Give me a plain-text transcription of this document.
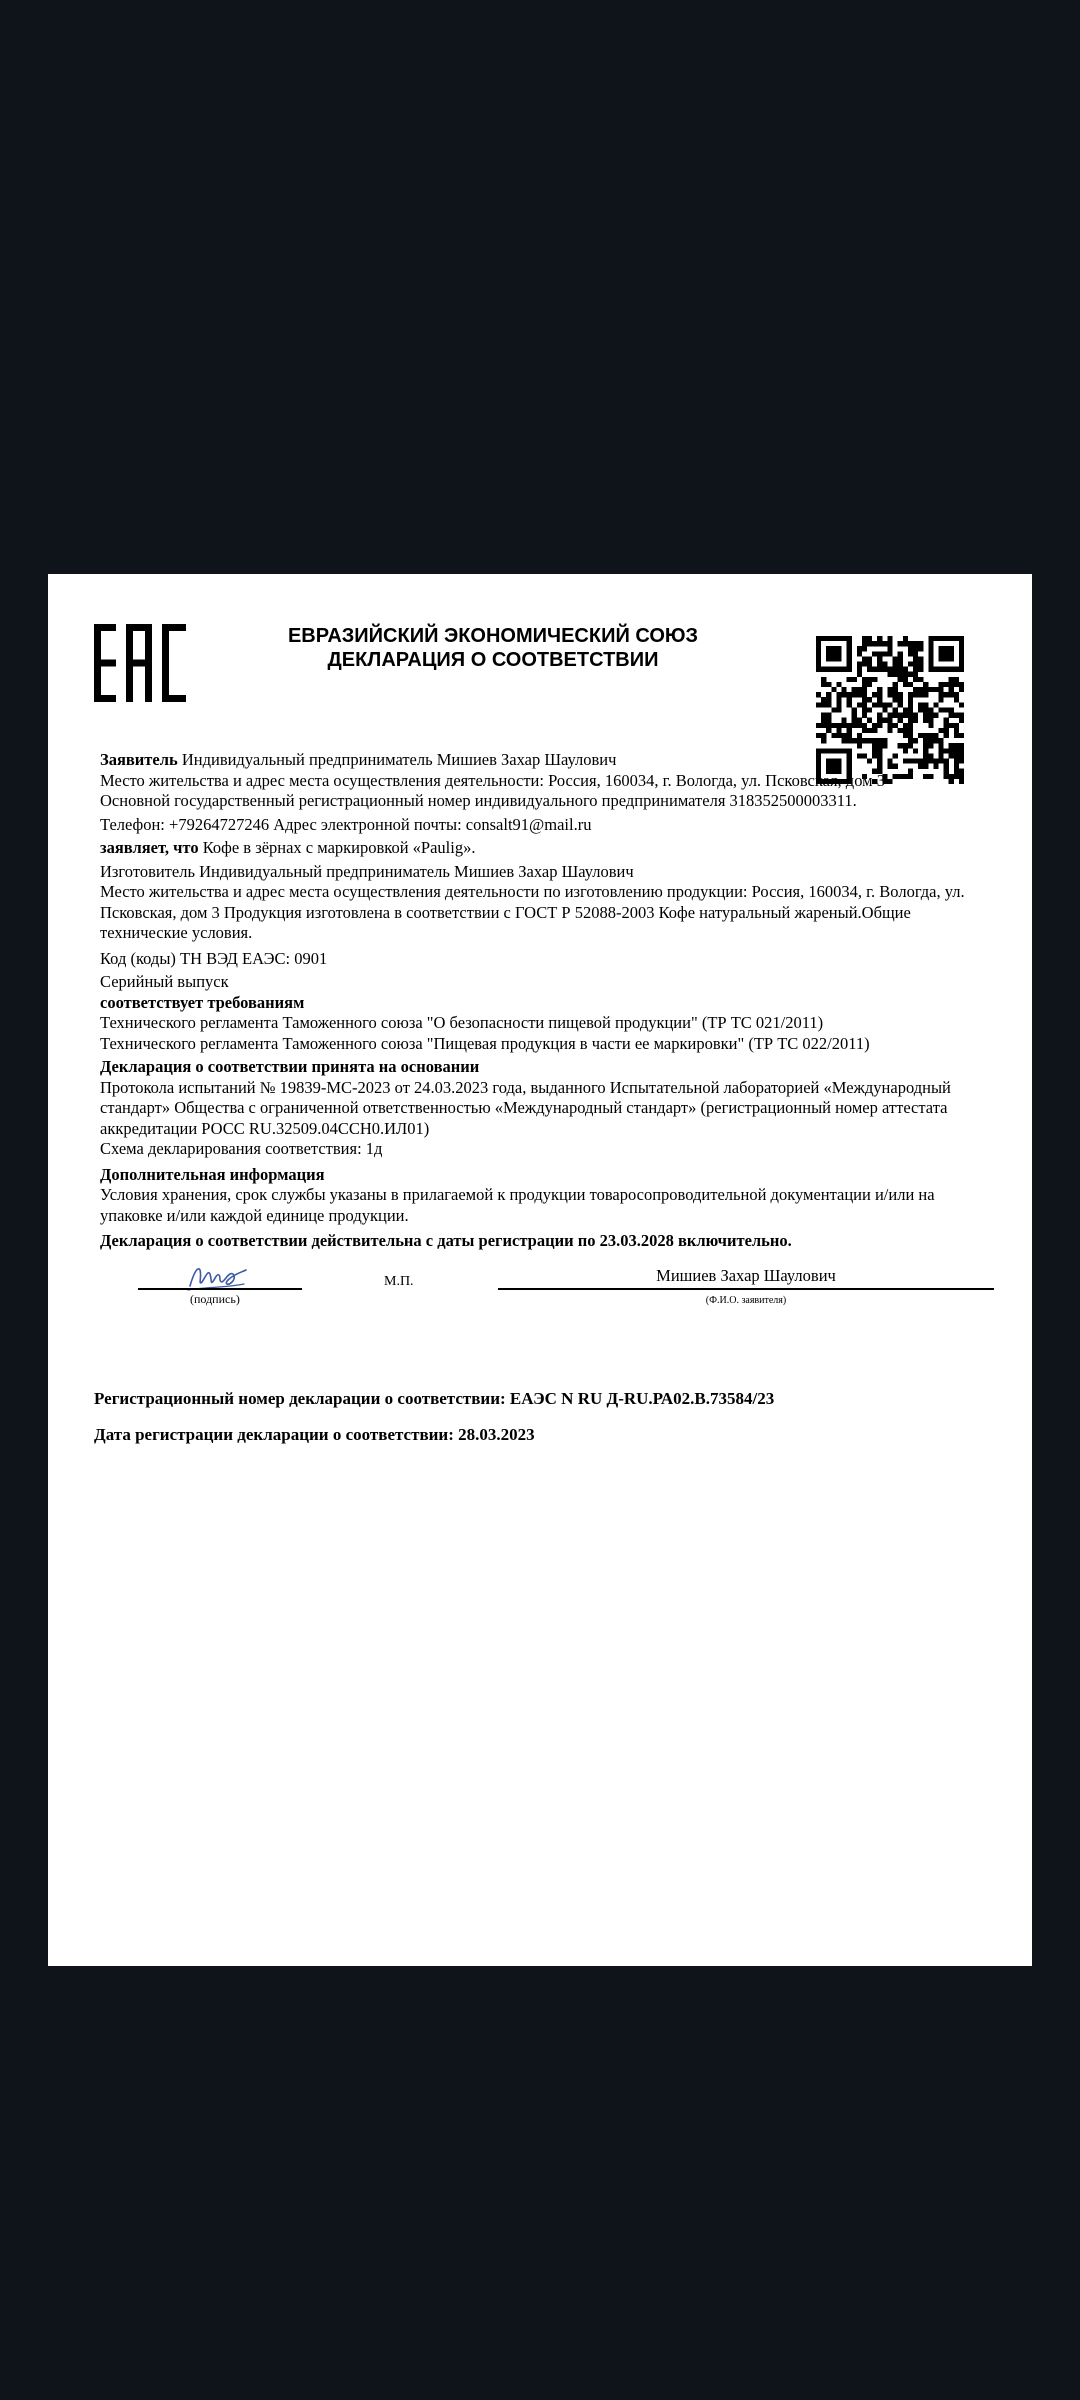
ЕВРАЗИЙСКИЙ ЭКОНОМИЧЕСКИЙ СОЮЗ
ДЕКЛАРАЦИЯ О СООТВЕТСТВИИ

Заявитель Индивидуальный предприниматель Мишиев Захар Шаулович

Место жительства и адрес места осуществления деятельности: Россия, 160034, г. Вологда, ул. Псковская, дом 3

Основной государственный регистрационный номер индивидуального предпринимателя 318352500003311.

Телефон: +79264727246 Адрес электронной почты: consalt91@mail.ru

заявляет, что Кофе в зёрнах с маркировкой «Paulig».

Изготовитель Индивидуальный предприниматель Мишиев Захар Шаулович

Место жительства и адрес места осуществления деятельности по изготовлению продукции: Россия, 160034, г. Вологда, ул. Псковская, дом 3 Продукция изготовлена в соответствии с ГОСТ Р 52088-2003 Кофе натуральный жареный.Общие технические условия.

Код (коды) ТН ВЭД ЕАЭС: 0901

Серийный выпуск

соответствует требованиям

Технического регламента Таможенного союза "О безопасности пищевой продукции" (ТР ТС 021/2011)

Технического регламента Таможенного союза "Пищевая продукция в части ее маркировки" (ТР ТС 022/2011)

Декларация о соответствии принята на основании

Протокола испытаний № 19839-МС-2023 от 24.03.2023 года, выданного Испытательной лабораторией «Международный стандарт» Общества с ограниченной ответственностью «Международный стандарт» (регистрационный номер аттестата аккредитации РОСС RU.32509.04ССН0.ИЛ01)

Схема декларирования соответствия: 1д

Дополнительная информация

Условия хранения, срок службы указаны в прилагаемой к продукции товаросопроводительной документации и/или на упаковке и/или каждой единице продукции.

Декларация о соответствии действительна с даты регистрации по 23.03.2028 включительно.

(подпись)
М.П.	Мишиев Захар Шаулович
(Ф.И.О. заявителя)

Регистрационный номер декларации о соответствии: ЕАЭС N RU Д-RU.РА02.В.73584/23

Дата регистрации декларации о соответствии: 28.03.2023
